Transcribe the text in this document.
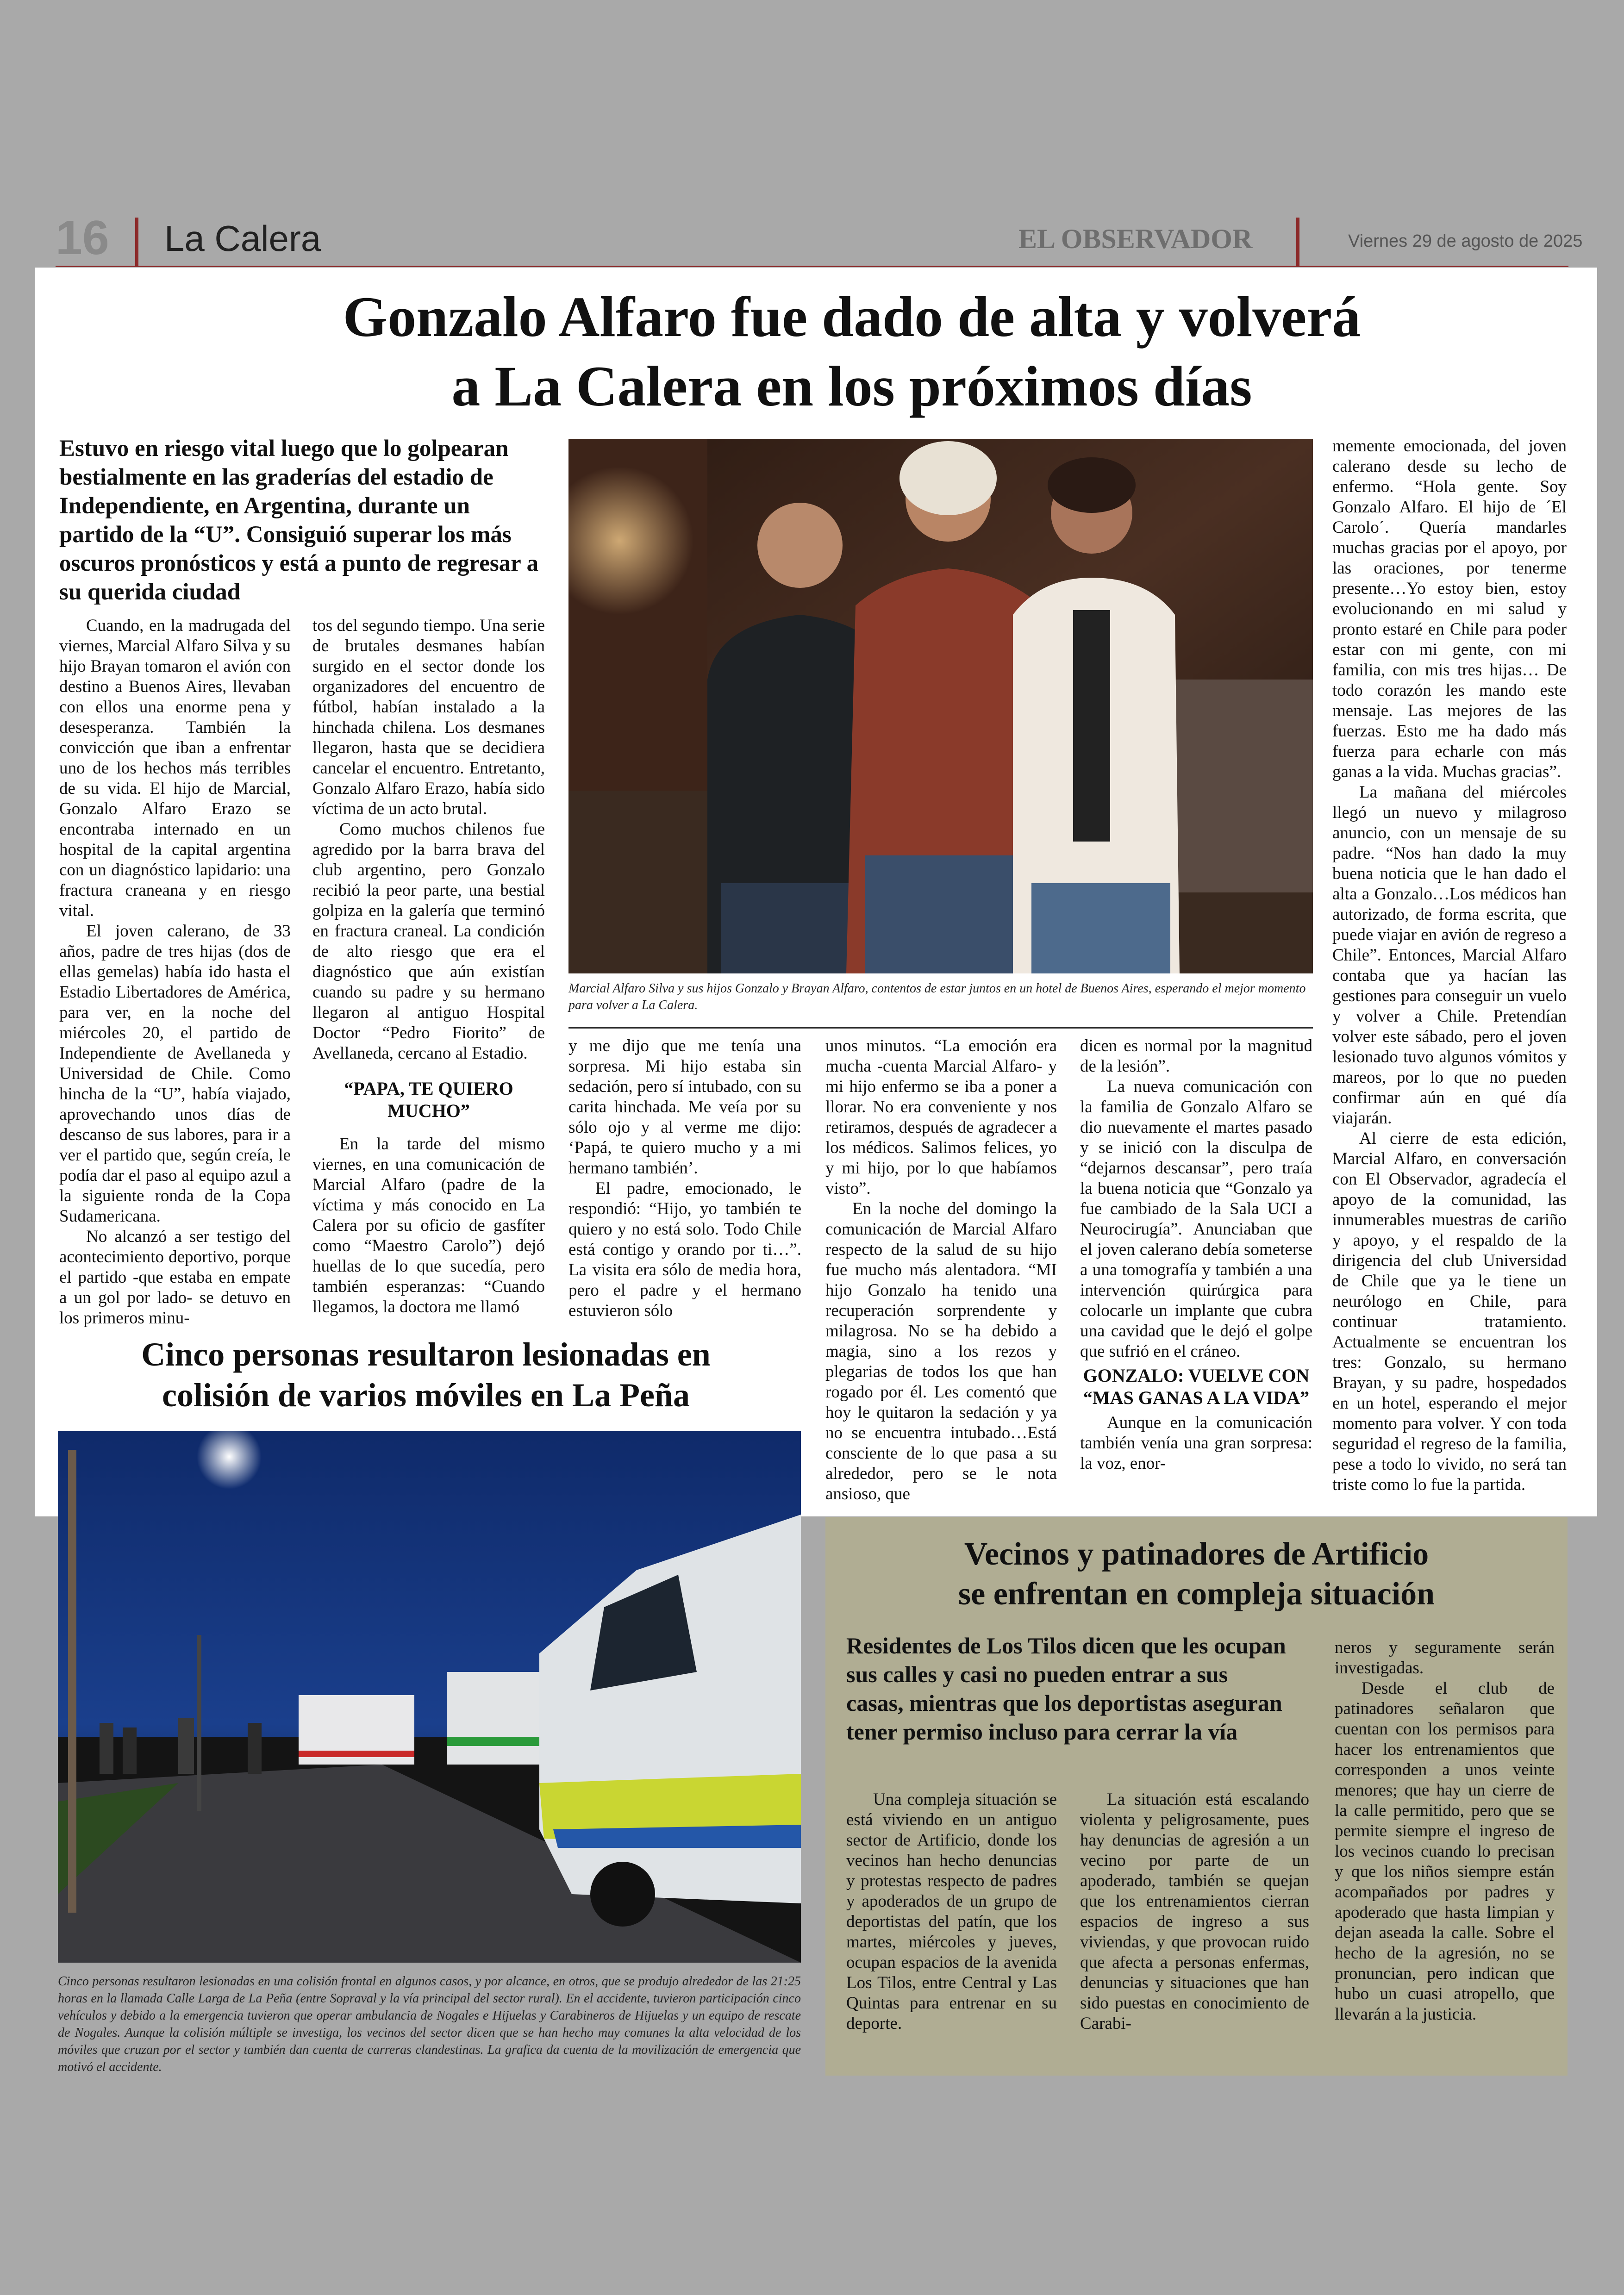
16 La Calera	EL OBSERVADOR	Viernes 29 de agosto de 2025
Gonzalo Alfaro fue dado de alta y volverá
a La Calera en los próximos días
Estuvo en riesgo vital luego que lo golpearan bestialmente en las graderías del estadio de Independiente, en Argentina, durante un partido de la “U”. Consiguió superar los más oscuros pronósticos y está a punto de regresar a su querida ciudad

Cuando, en la madrugada del viernes, Marcial Alfaro Silva y su hijo Brayan tomaron el avión con destino a Buenos Aires, llevaban con ellos una enorme pena y desesperanza. También la convicción que iban a enfrentar uno de los hechos más terribles de su vida. El hijo de Marcial, Gonzalo Alfaro Erazo se encontraba internado en un hospital de la capital argentina con un diagnóstico lapidario: una fractura craneana y en riesgo vital.

El joven calerano, de 33 años, padre de tres hijas (dos de ellas gemelas) había ido hasta el Estadio Libertadores de América, para ver, en la noche del miércoles 20, el partido de Independiente de Avellaneda y Universidad de Chile. Como hincha de la “U”, había viajado, aprovechando unos días de descanso de sus labores, para ir a ver el partido que, según creía, le podía dar el paso al equipo azul a la siguiente ronda de la Copa Sudamericana.

No alcanzó a ser testigo del acontecimiento deportivo, porque el partido -que estaba en empate a un gol por lado- se detuvo en los primeros minu-

tos del segundo tiempo. Una serie de brutales desmanes habían surgido en el sector donde los organizadores del encuentro de fútbol, habían instalado a la hinchada chilena. Los desmanes llegaron, hasta que se decidiera cancelar el encuentro. Entretanto, Gonzalo Alfaro Erazo, había sido víctima de un acto brutal.

Como muchos chilenos fue agredido por la barra brava del club argentino, pero Gonzalo recibió la peor parte, una bestial golpiza en la galería que terminó en fractura craneal. La condición de alto riesgo que era el diagnóstico que aún existían cuando su padre y su hermano llegaron al antiguo Hospital Doctor “Pedro Fiorito” de Avellaneda, cercano al Estadio.

“PAPA, TE QUIERO MUCHO”

En la tarde del mismo viernes, en una comunicación de Marcial Alfaro (padre de la víctima y más conocido en La Calera por su oficio de gasfíter como “Maestro Carolo”) dejó huellas de lo que sucedía, pero también esperanzas: “Cuando llegamos, la doctora me llamó

Marcial Alfaro Silva y sus hijos Gonzalo y Brayan Alfaro, contentos de estar juntos en un hotel de Buenos Aires, esperando el mejor momento para volver a La Calera.

y me dijo que me tenía una sorpresa. Mi hijo estaba sin sedación, pero sí intubado, con su carita hinchada. Me veía por su sólo ojo y al verme me dijo: ‘Papá, te quiero mucho y a mi hermano también’.

El padre, emocionado, le respondió: “Hijo, yo también te quiero y no está solo. Todo Chile está contigo y orando por ti…”. La visita era sólo de media hora, pero el padre y el hermano estuvieron sólo

unos minutos. “La emoción era mucha -cuenta Marcial Alfaro- y mi hijo enfermo se iba a poner a llorar. No era conveniente y nos retiramos, después de agradecer a los médicos. Salimos felices, yo y mi hijo, por lo que habíamos visto”.

En la noche del domingo la comunicación de Marcial Alfaro respecto de la salud de su hijo fue mucho más alentadora. “MI hijo Gonzalo ha tenido una recuperación sorprendente y milagrosa. No se ha debido a magia, sino a los rezos y plegarias de todos los que han rogado por él. Les comentó que hoy le quitaron la sedación y ya no se encuentra intubado…Está consciente de lo que pasa a su alrededor, pero se le nota ansioso, que

dicen es normal por la magnitud de la lesión”.

La nueva comunicación con la familia de Gonzalo Alfaro se dio nuevamente el martes pasado y se inició con la disculpa de “dejarnos descansar”, pero traía la buena noticia que “Gonzalo ya fue cambiado de la Sala UCI a Neurocirugía”. Anunciaban que el joven calerano debía someterse a una tomografía y también a una intervención quirúrgica para colocarle un implante que cubra una cavidad que le dejó el golpe que sufrió en el cráneo.

GONZALO: VUELVE CON “MAS GANAS A LA VIDA”

Aunque en la comunicación también venía una gran sorpresa: la voz, enor-

memente emocionada, del joven calerano desde su lecho de enfermo. “Hola gente. Soy Gonzalo Alfaro. El hijo de ´El Carolo´. Quería mandarles muchas gracias por el apoyo, por las oraciones, por tenerme presente…Yo estoy bien, estoy evolucionando en mi salud y pronto estaré en Chile para poder estar con mi gente, con mi familia, con mis tres hijas… De todo corazón les mando este mensaje. Las mejores de las fuerzas. Esto me ha dado más fuerza para echarle con más ganas a la vida. Muchas gracias”.

La mañana del miércoles llegó un nuevo y milagroso anuncio, con un mensaje de su padre. “Nos han dado la muy buena noticia que le han dado el alta a Gonzalo…Los médicos han autorizado, de forma escrita, que puede viajar en avión de regreso a Chile”. Entonces, Marcial Alfaro contaba que ya hacían las gestiones para conseguir un vuelo y volver a Chile. Pretendían volver este sábado, pero el joven lesionado tuvo algunos vómitos y mareos, por lo que no pueden confirmar aún en qué día viajarán.

Al cierre de esta edición, Marcial Alfaro, en conversación con El Observador, agradecía el apoyo de la comunidad, las innumerables muestras de cariño y apoyo, y el respaldo de la dirigencia del club Universidad de Chile que ya le tiene un neurólogo en Chile, para continuar tratamiento. Actualmente se encuentran los tres: Gonzalo, su hermano Brayan, y su padre, hospedados en un hotel, esperando el mejor momento para volver. Y con toda seguridad el regreso de la familia, pese a todo lo vivido, no será tan triste como lo fue la partida.

Cinco personas resultaron lesionadas en
colisión de varios móviles en La Peña
Cinco personas resultaron lesionadas en una colisión frontal en algunos casos, y por alcance, en otros, que se produjo alrededor de las 21:25 horas en la llamada Calle Larga de La Peña (entre Sopraval y la vía principal del sector rural). En el accidente, tuvieron participación cinco vehículos y debido a la emergencia tuvieron que operar ambulancia de Nogales e Hijuelas y Carabineros de Hijuelas y un equipo de rescate de Nogales. Aunque la colisión múltiple se investiga, los vecinos del sector dicen que se han hecho muy comunes la alta velocidad de los móviles que cruzan por el sector y también dan cuenta de carreras clandestinas. La grafica da cuenta de la movilización de emergencia que motivó el accidente.
Vecinos y patinadores de Artificio
se enfrentan en compleja situación
Residentes de Los Tilos dicen que les ocupan sus calles y casi no pueden entrar a sus casas, mientras que los deportistas aseguran tener permiso incluso para cerrar la vía

Una compleja situación se está viviendo en un antiguo sector de Artificio, donde los vecinos han hecho denuncias y protestas respecto de padres y apoderados de un grupo de deportistas del patín, que los martes, miércoles y jueves, ocupan espacios de la avenida Los Tilos, entre Central y Las Quintas para entrenar en su deporte.

La situación está escalando violenta y peligrosamente, pues hay denuncias de agresión a un vecino por parte de un apoderado, también se quejan que los entrenamientos cierran espacios de ingreso a sus viviendas, y que provocan ruido que afecta a personas enfermas, denuncias y situaciones que han sido puestas en conocimiento de Carabi-

neros y seguramente serán investigadas.

Desde el club de patinadores señalaron que cuentan con los permisos para hacer los entrenamientos que corresponden a unos veinte menores; que hay un cierre de la calle permitido, pero que se permite siempre el ingreso de los vecinos cuando lo precisan y que los niños siempre están acompañados por padres y apoderado que hasta limpian y dejan aseada la calle. Sobre el hecho de la agresión, no se pronuncian, pero indican que hubo un cuasi atropello, que llevarán a la justicia.
